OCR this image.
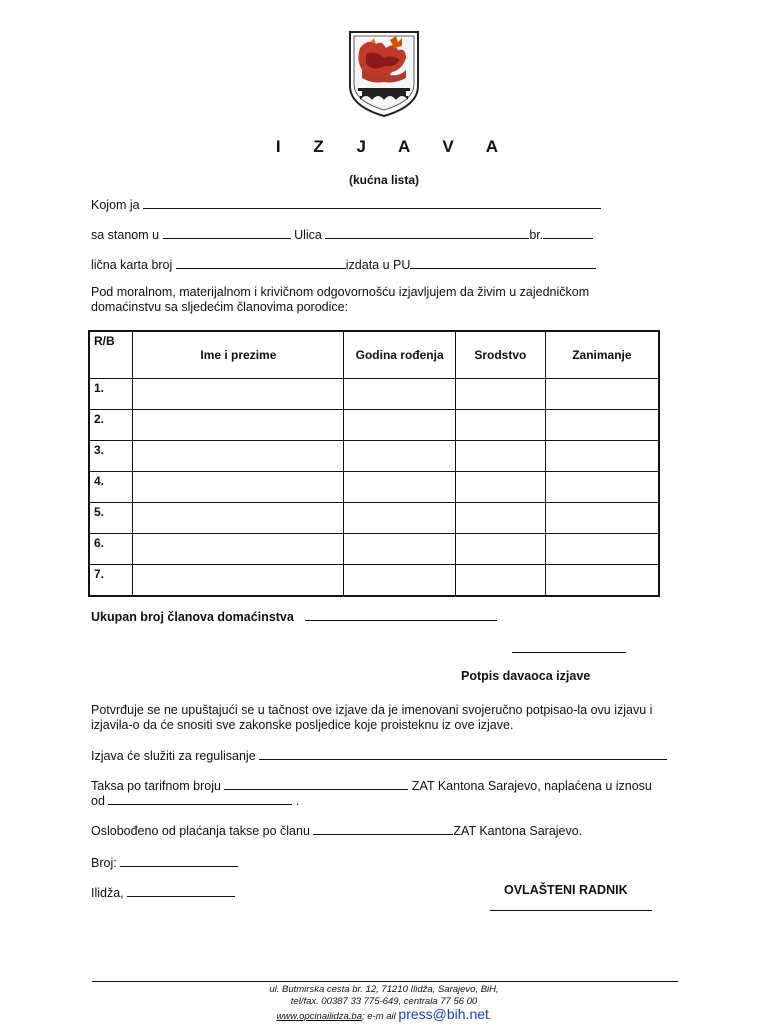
I Z J A V A
(kućna lista)
Kojom ja
sa stanom u	Ulica	br.
lična karta broj	izdata u PU
Pod moralnom, materijalnom i krivičnom odgovornošću izjavljujem da živim u zajedničkom domaćinstvu sa sljedećim članovima porodice:
R/B	Ime i prezime	Godina rođenja	Srodstvo	Zanimanje
1.				
2.				
3.				
4.				
5.				
6.				
7.				
Ukupan broj članova domaćinstva
Potpis davaoca izjave
Potvrđuje se ne upuštajući se u tačnost ove izjave da je imenovani svojeručno potpisao-la ovu izjavu i izjavila-o da će snositi sve zakonske posljedice koje proisteknu iz ove izjave.
Izjava će služiti za regulisanje
Taksa po tarifnom broju	ZAT Kantona Sarajevo, naplaćena u iznosu
od	.
Oslobođeno od plaćanja takse po članu	ZAT Kantona Sarajevo.
Broj:
Ilidža,	OVLAŠTENI RADNIK
ul. Butmirska cesta br. 12, 71210 Ilidža, Sarajevo, BiH,
tel/fax. 00387 33 775-649, centrala 77 56 00
www.opcinailidza.ba; e-m ail press@bih.net.
